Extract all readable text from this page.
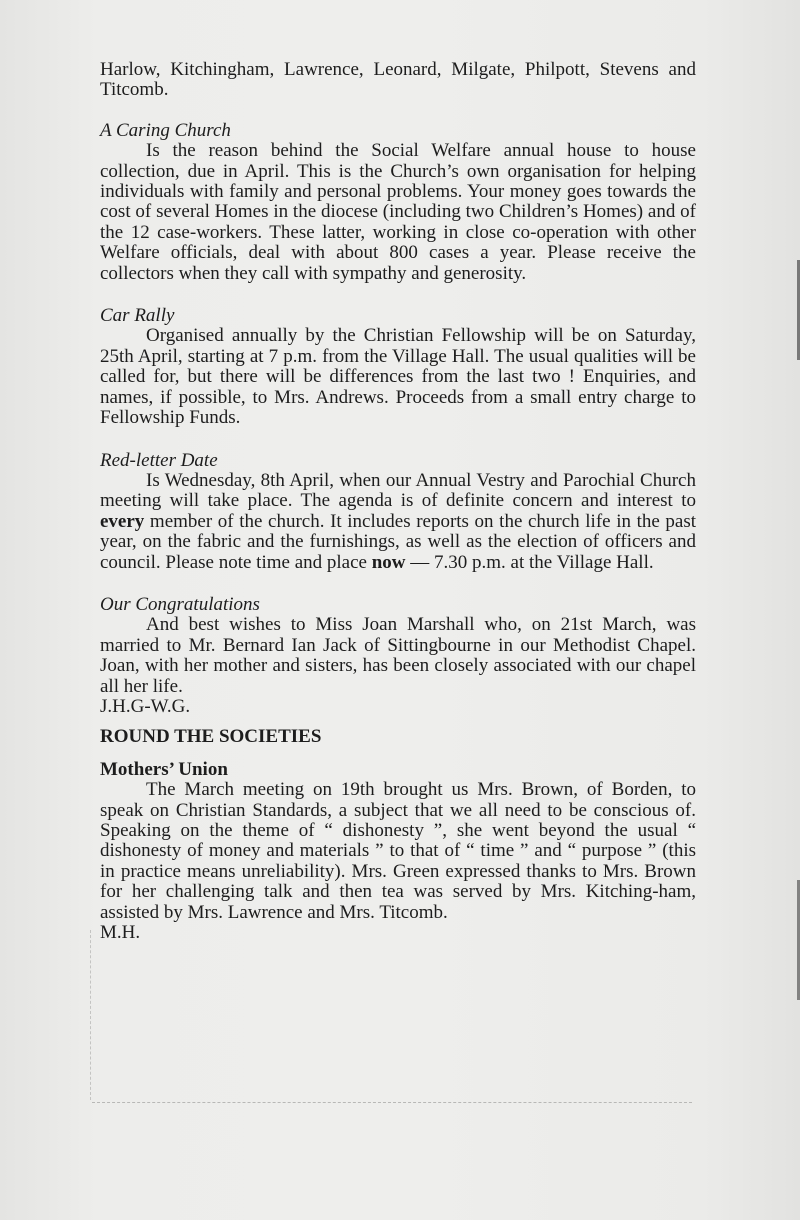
Harlow, Kitchingham, Lawrence, Leonard, Milgate, Philpott, Stevens and Titcomb.

A Caring Church

Is the reason behind the Social Welfare annual house to house collection, due in April. This is the Church’s own organisation for helping individuals with family and personal problems. Your money goes towards the cost of several Homes in the diocese (including two Children’s Homes) and of the 12 case-workers. These latter, working in close co-operation with other Welfare officials, deal with about 800 cases a year. Please receive the collectors when they call with sympathy and generosity.

Car Rally

Organised annually by the Christian Fellowship will be on Saturday, 25th April, starting at 7 p.m. from the Village Hall. The usual qualities will be called for, but there will be differences from the last two ! Enquiries, and names, if possible, to Mrs. Andrews. Proceeds from a small entry charge to Fellowship Funds.

Red-letter Date

Is Wednesday, 8th April, when our Annual Vestry and Parochial Church meeting will take place. The agenda is of definite concern and interest to every member of the church. It includes reports on the church life in the past year, on the fabric and the furnishings, as well as the election of officers and council. Please note time and place now — 7.30 p.m. at the Village Hall.

Our Congratulations

And best wishes to Miss Joan Marshall who, on 21st March, was married to Mr. Bernard Ian Jack of Sittingbourne in our Methodist Chapel. Joan, with her mother and sisters, has been closely associated with our chapel all her life.

J.H.G-W.G.

ROUND THE SOCIETIES

Mothers’ Union

The March meeting on 19th brought us Mrs. Brown, of Borden, to speak on Christian Standards, a subject that we all need to be conscious of. Speaking on the theme of “ dishonesty ”, she went beyond the usual “ dishonesty of money and materials ” to that of “ time ” and “ purpose ” (this in practice means unreliability). Mrs. Green expressed thanks to Mrs. Brown for her challenging talk and then tea was served by Mrs. Kitching-ham, assisted by Mrs. Lawrence and Mrs. Titcomb.

M.H.
